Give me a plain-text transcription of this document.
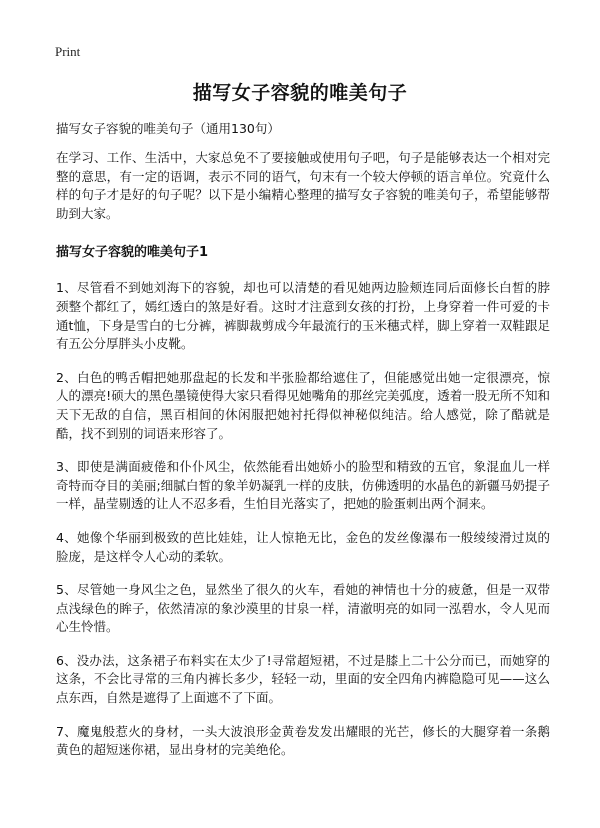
Print
描写女子容貌的唯美句子

描写女子容貌的唯美句子（通用130句）

在学习、工作、生活中，大家总免不了要接触或使用句子吧，句子是能够表达一个相对完整的意思，有一定的语调，表示不同的语气，句末有一个较大停顿的语言单位。究竟什么样的句子才是好的句子呢？以下是小编精心整理的描写女子容貌的唯美句子，希望能够帮助到大家。

描写女子容貌的唯美句子1

1、尽管看不到她刘海下的容貌，却也可以清楚的看见她两边脸颊连同后面修长白皙的脖颈整个都红了，嫣红透白的煞是好看。这时才注意到女孩的打扮，上身穿着一件可爱的卡通t恤，下身是雪白的七分裤，裤脚裁剪成今年最流行的玉米穗式样，脚上穿着一双鞋跟足有五公分厚胖头小皮靴。

2、白色的鸭舌帽把她那盘起的长发和半张脸都给遮住了，但能感觉出她一定很漂亮，惊人的漂亮!硕大的黑色墨镜使得大家只看得见她嘴角的那丝完美弧度，透着一股无所不知和天下无敌的自信，黑百相间的休闲服把她衬托得似神秘似纯洁。给人感觉，除了酷就是酷，找不到别的词语来形容了。

3、即使是满面疲倦和仆仆风尘，依然能看出她娇小的脸型和精致的五官，象混血儿一样奇特而夺目的美丽;细腻白皙的象羊奶凝乳一样的皮肤，仿佛透明的水晶色的新疆马奶提子一样，晶莹剔透的让人不忍多看，生怕目光落实了，把她的脸蛋刺出两个洞来。

4、她像个华丽到极致的芭比娃娃，让人惊艳无比，金色的发丝像瀑布一般绫绫滑过岚的脸庞，是这样令人心动的柔软。

5、尽管她一身风尘之色，显然坐了很久的火车，看她的神情也十分的疲惫，但是一双带点浅绿色的眸子，依然清凉的象沙漠里的甘泉一样，清澈明亮的如同一泓碧水，令人见而心生怜惜。

6、没办法，这条裙子布料实在太少了!寻常超短裙，不过是膝上二十公分而已，而她穿的这条，不会比寻常的三角内裤长多少，轻轻一动，里面的安全四角内裤隐隐可见——这么点东西，自然是遮得了上面遮不了下面。

7、魔鬼般惹火的身材，一头大波浪形金黄卷发发出耀眼的光芒，修长的大腿穿着一条鹅黄色的超短迷你裙，显出身材的完美绝伦。
